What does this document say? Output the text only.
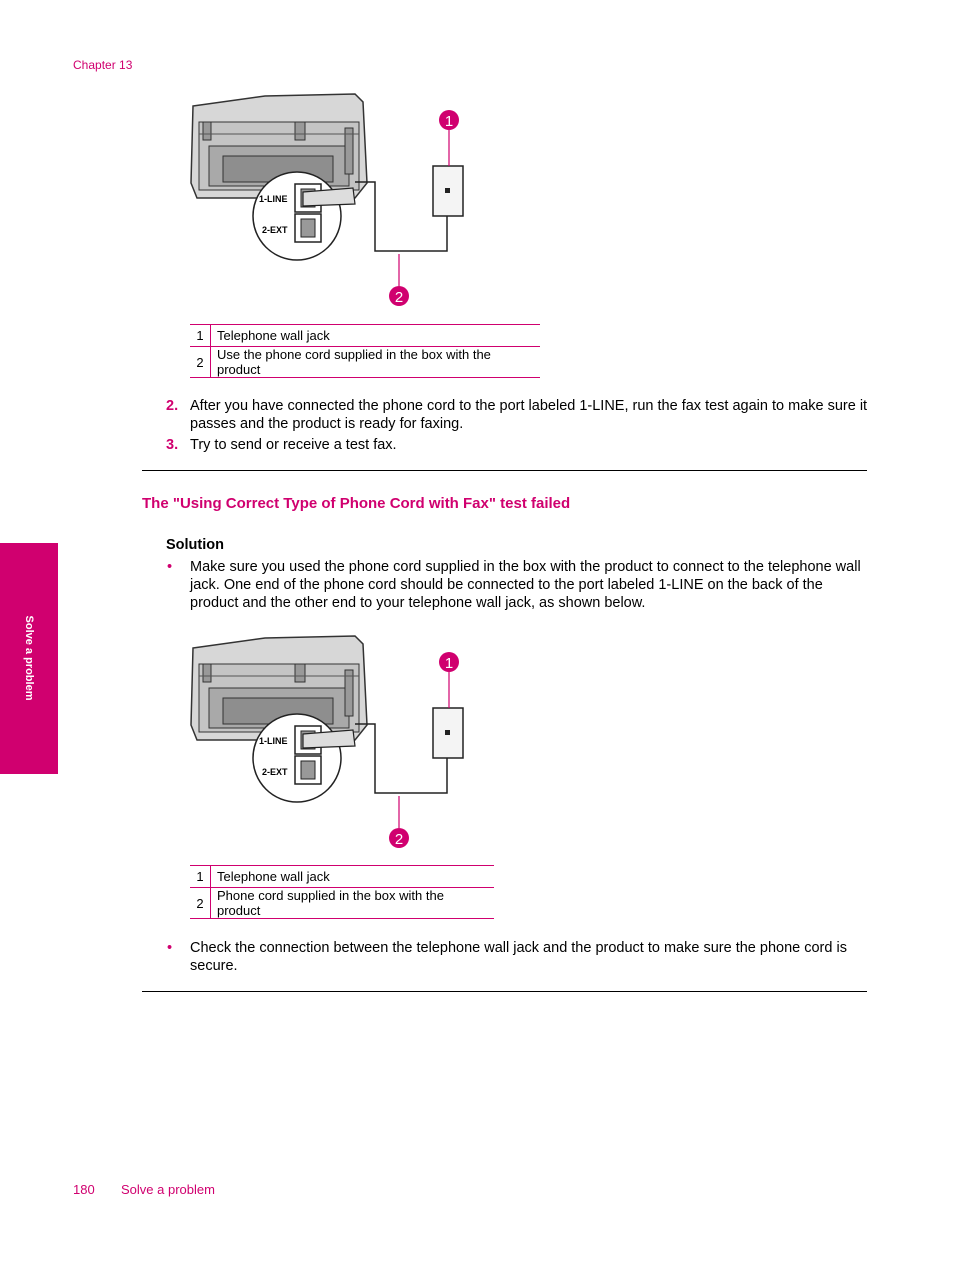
Chapter 13
1-LINE
2-EXT
1
2
1	Telephone wall jack
2	Use the phone cord supplied in the box with the product
2. After you have connected the phone cord to the port labeled 1-LINE, run the fax test again to make sure it passes and the product is ready for faxing.
3. Try to send or receive a test fax.
The "Using Correct Type of Phone Cord with Fax" test failed
Solution
• Make sure you used the phone cord supplied in the box with the product to connect to the telephone wall jack. One end of the phone cord should be connected to the port labeled 1-LINE on the back of the product and the other end to your telephone wall jack, as shown below.
1-LINE
2-EXT
1
2
1	Telephone wall jack
2	Phone cord supplied in the box with the product
• Check the connection between the telephone wall jack and the product to make sure the phone cord is secure.
Solve a problem
180 Solve a problem
